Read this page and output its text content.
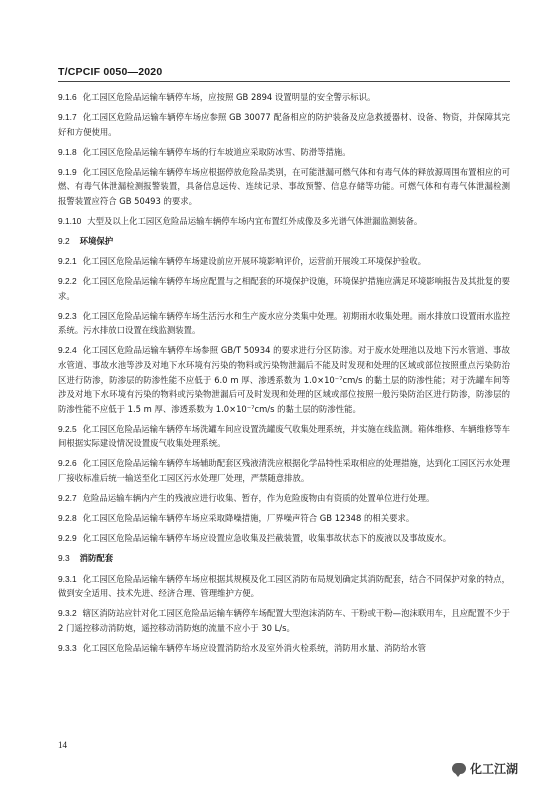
T/CPCIF 0050—2020

9.1.6 化工园区危险品运输车辆停车场，应按照 GB 2894 设置明显的安全警示标识。

9.1.7 化工园区危险品运输车辆停车场应参照 GB 30077 配备相应的防护装备及应急救援器材、设备、物资，并保障其完好和方便使用。

9.1.8 化工园区危险品运输车辆停车场的行车坡道应采取防冰雪、防滑等措施。

9.1.9 化工园区危险品运输车辆停车场应根据停放危险品类别，在可能泄漏可燃气体和有毒气体的释放源周围布置相应的可燃、有毒气体泄漏检测报警装置，具备信息远传、连续记录、事故预警、信息存储等功能。可燃气体和有毒气体泄漏检测报警装置应符合 GB 50493 的要求。

9.1.10 大型及以上化工园区危险品运输车辆停车场内宜布置红外成像及多光谱气体泄漏监测装备。

9.2 环境保护

9.2.1 化工园区危险品运输车辆停车场建设前应开展环境影响评价，运营前开展竣工环境保护验收。

9.2.2 化工园区危险品运输车辆停车场应配置与之相配套的环境保护设施，环境保护措施应满足环境影响报告及其批复的要求。

9.2.3 化工园区危险品运输车辆停车场生活污水和生产废水应分类集中处理。初期雨水收集处理。雨水排放口设置雨水监控系统。污水排放口设置在线监测装置。

9.2.4 化工园区危险品运输车辆停车场参照 GB/T 50934 的要求进行分区防渗。对于废水处理池以及地下污水管道、事故水管道、事故水池等涉及对地下水环境有污染的物料或污染物泄漏后不能及时发现和处理的区域或部位按照重点污染防治区进行防渗，防渗层的防渗性能不应低于 6.0 m 厚、渗透系数为 1.0×10⁻⁷cm/s 的黏土层的防渗性能；对于洗罐车间等涉及对地下水环境有污染的物料或污染物泄漏后可及时发现和处理的区域或部位按照一般污染防治区进行防渗，防渗层的防渗性能不应低于 1.5 m 厚、渗透系数为 1.0×10⁻⁷cm/s 的黏土层的防渗性能。

9.2.5 化工园区危险品运输车辆停车场洗罐车间应设置洗罐废气收集处理系统，并实施在线监测。箱体维修、车辆维修等车间根据实际建设情况设置废气收集处理系统。

9.2.6 化工园区危险品运输车辆停车场辅助配套区残液清洗应根据化学品特性采取相应的处理措施，达到化工园区污水处理厂接收标准后统一输送至化工园区污水处理厂处理，严禁随意排放。

9.2.7 危险品运输车辆内产生的残液应进行收集、暂存，作为危险废物由有资质的处置单位进行处理。

9.2.8 化工园区危险品运输车辆停车场应采取降噪措施，厂界噪声符合 GB 12348 的相关要求。

9.2.9 化工园区危险品运输车辆停车场应设置应急收集及拦截装置，收集事故状态下的废液以及事故废水。

9.3 消防配套

9.3.1 化工园区危险品运输车辆停车场应根据其规模及化工园区消防布局规划确定其消防配套，结合不同保护对象的特点，做到安全适用、技术先进、经济合理、管理维护方便。

9.3.2 辖区消防站应针对化工园区危险品运输车辆停车场配置大型泡沫消防车、干粉或干粉—泡沫联用车，且应配置不少于 2 门遥控移动消防炮，遥控移动消防炮的流量不应小于 30 L/s。

9.3.3 化工园区危险品运输车辆停车场应设置消防给水及室外消火栓系统，消防用水量、消防给水管

14
化工江湖
